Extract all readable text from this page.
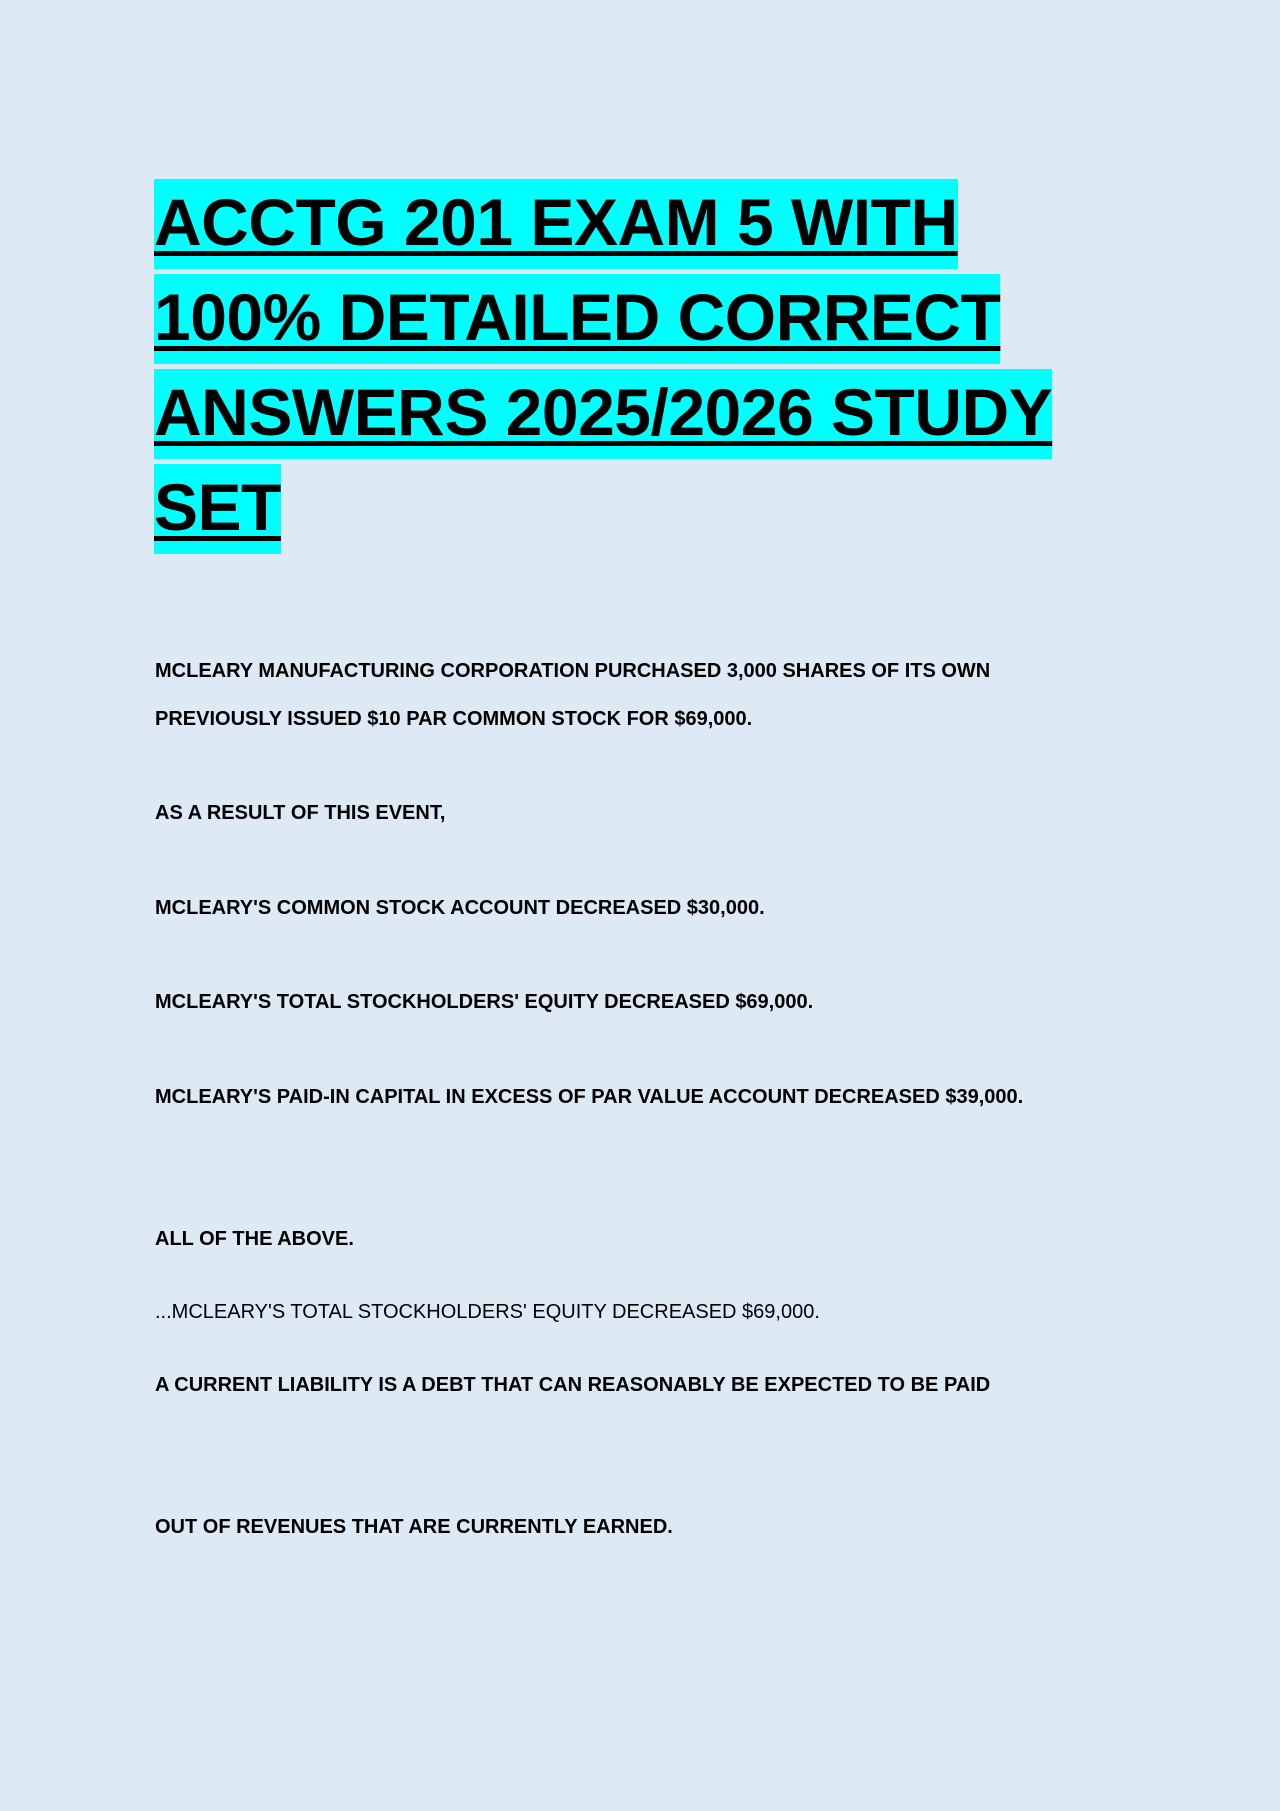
ACCTG 201 EXAM 5 WITH 100% DETAILED CORRECT ANSWERS 2025/2026 STUDY SET

MCLEARY MANUFACTURING CORPORATION PURCHASED 3,000 SHARES OF ITS OWN

PREVIOUSLY ISSUED $10 PAR COMMON STOCK FOR $69,000.

AS A RESULT OF THIS EVENT,

MCLEARY'S COMMON STOCK ACCOUNT DECREASED $30,000.

MCLEARY'S TOTAL STOCKHOLDERS' EQUITY DECREASED $69,000.

MCLEARY'S PAID-IN CAPITAL IN EXCESS OF PAR VALUE ACCOUNT DECREASED $39,000.

ALL OF THE ABOVE.

...MCLEARY'S TOTAL STOCKHOLDERS' EQUITY DECREASED $69,000.

A CURRENT LIABILITY IS A DEBT THAT CAN REASONABLY BE EXPECTED TO BE PAID

OUT OF REVENUES THAT ARE CURRENTLY EARNED.
